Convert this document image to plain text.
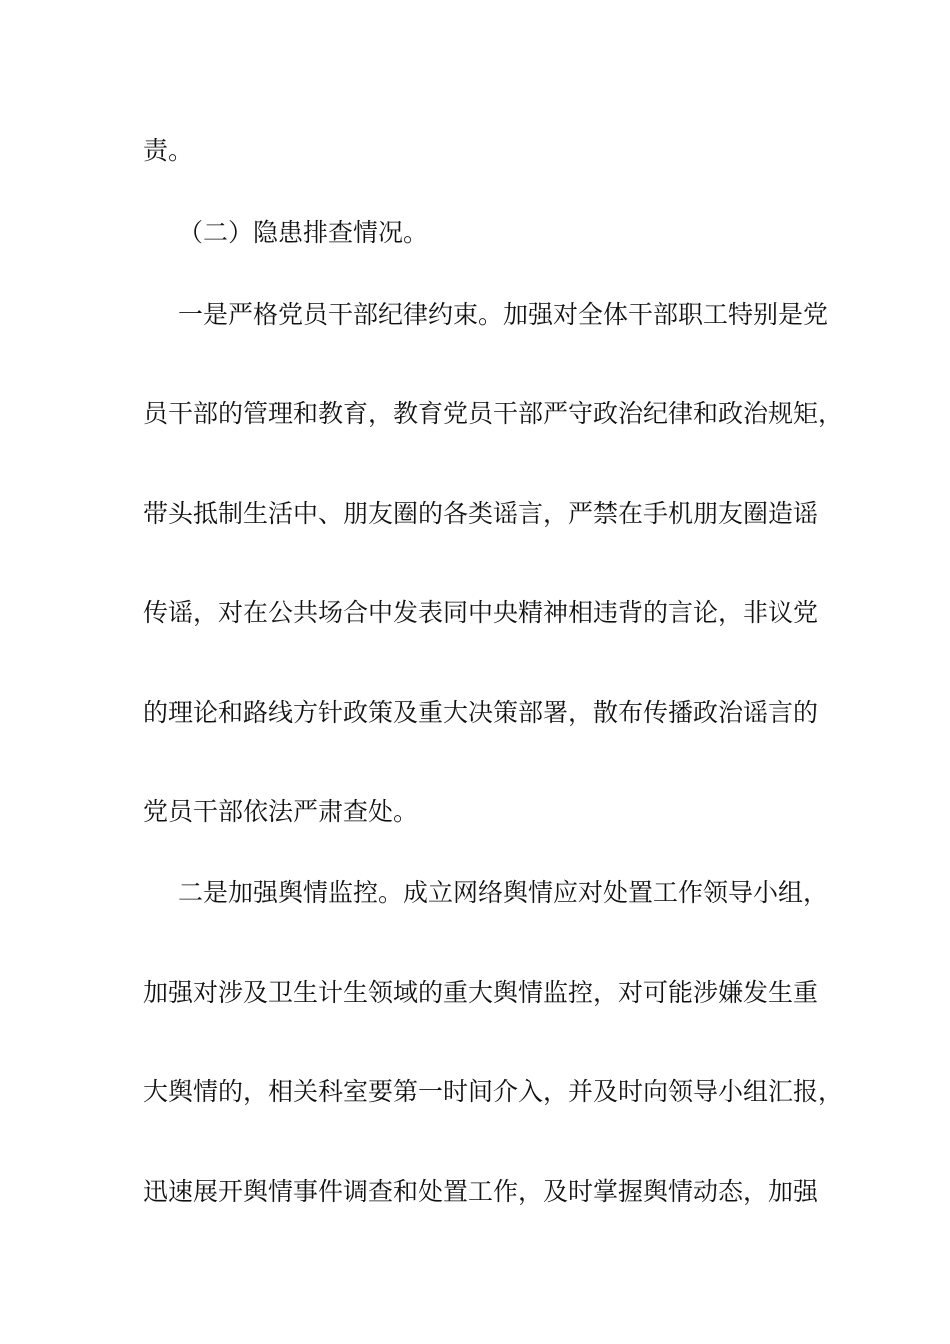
责。
（二）隐患排查情况。
一是严格党员干部纪律约束。加强对全体干部职工特别是党
员干部的管理和教育，教育党员干部严守政治纪律和政治规矩，
带头抵制生活中、朋友圈的各类谣言，严禁在手机朋友圈造谣
传谣，对在公共场合中发表同中央精神相违背的言论，非议党
的理论和路线方针政策及重大决策部署，散布传播政治谣言的
党员干部依法严肃查处。
二是加强舆情监控。成立网络舆情应对处置工作领导小组，
加强对涉及卫生计生领域的重大舆情监控，对可能涉嫌发生重
大舆情的，相关科室要第一时间介入，并及时向领导小组汇报，
迅速展开舆情事件调查和处置工作，及时掌握舆情动态，加强
